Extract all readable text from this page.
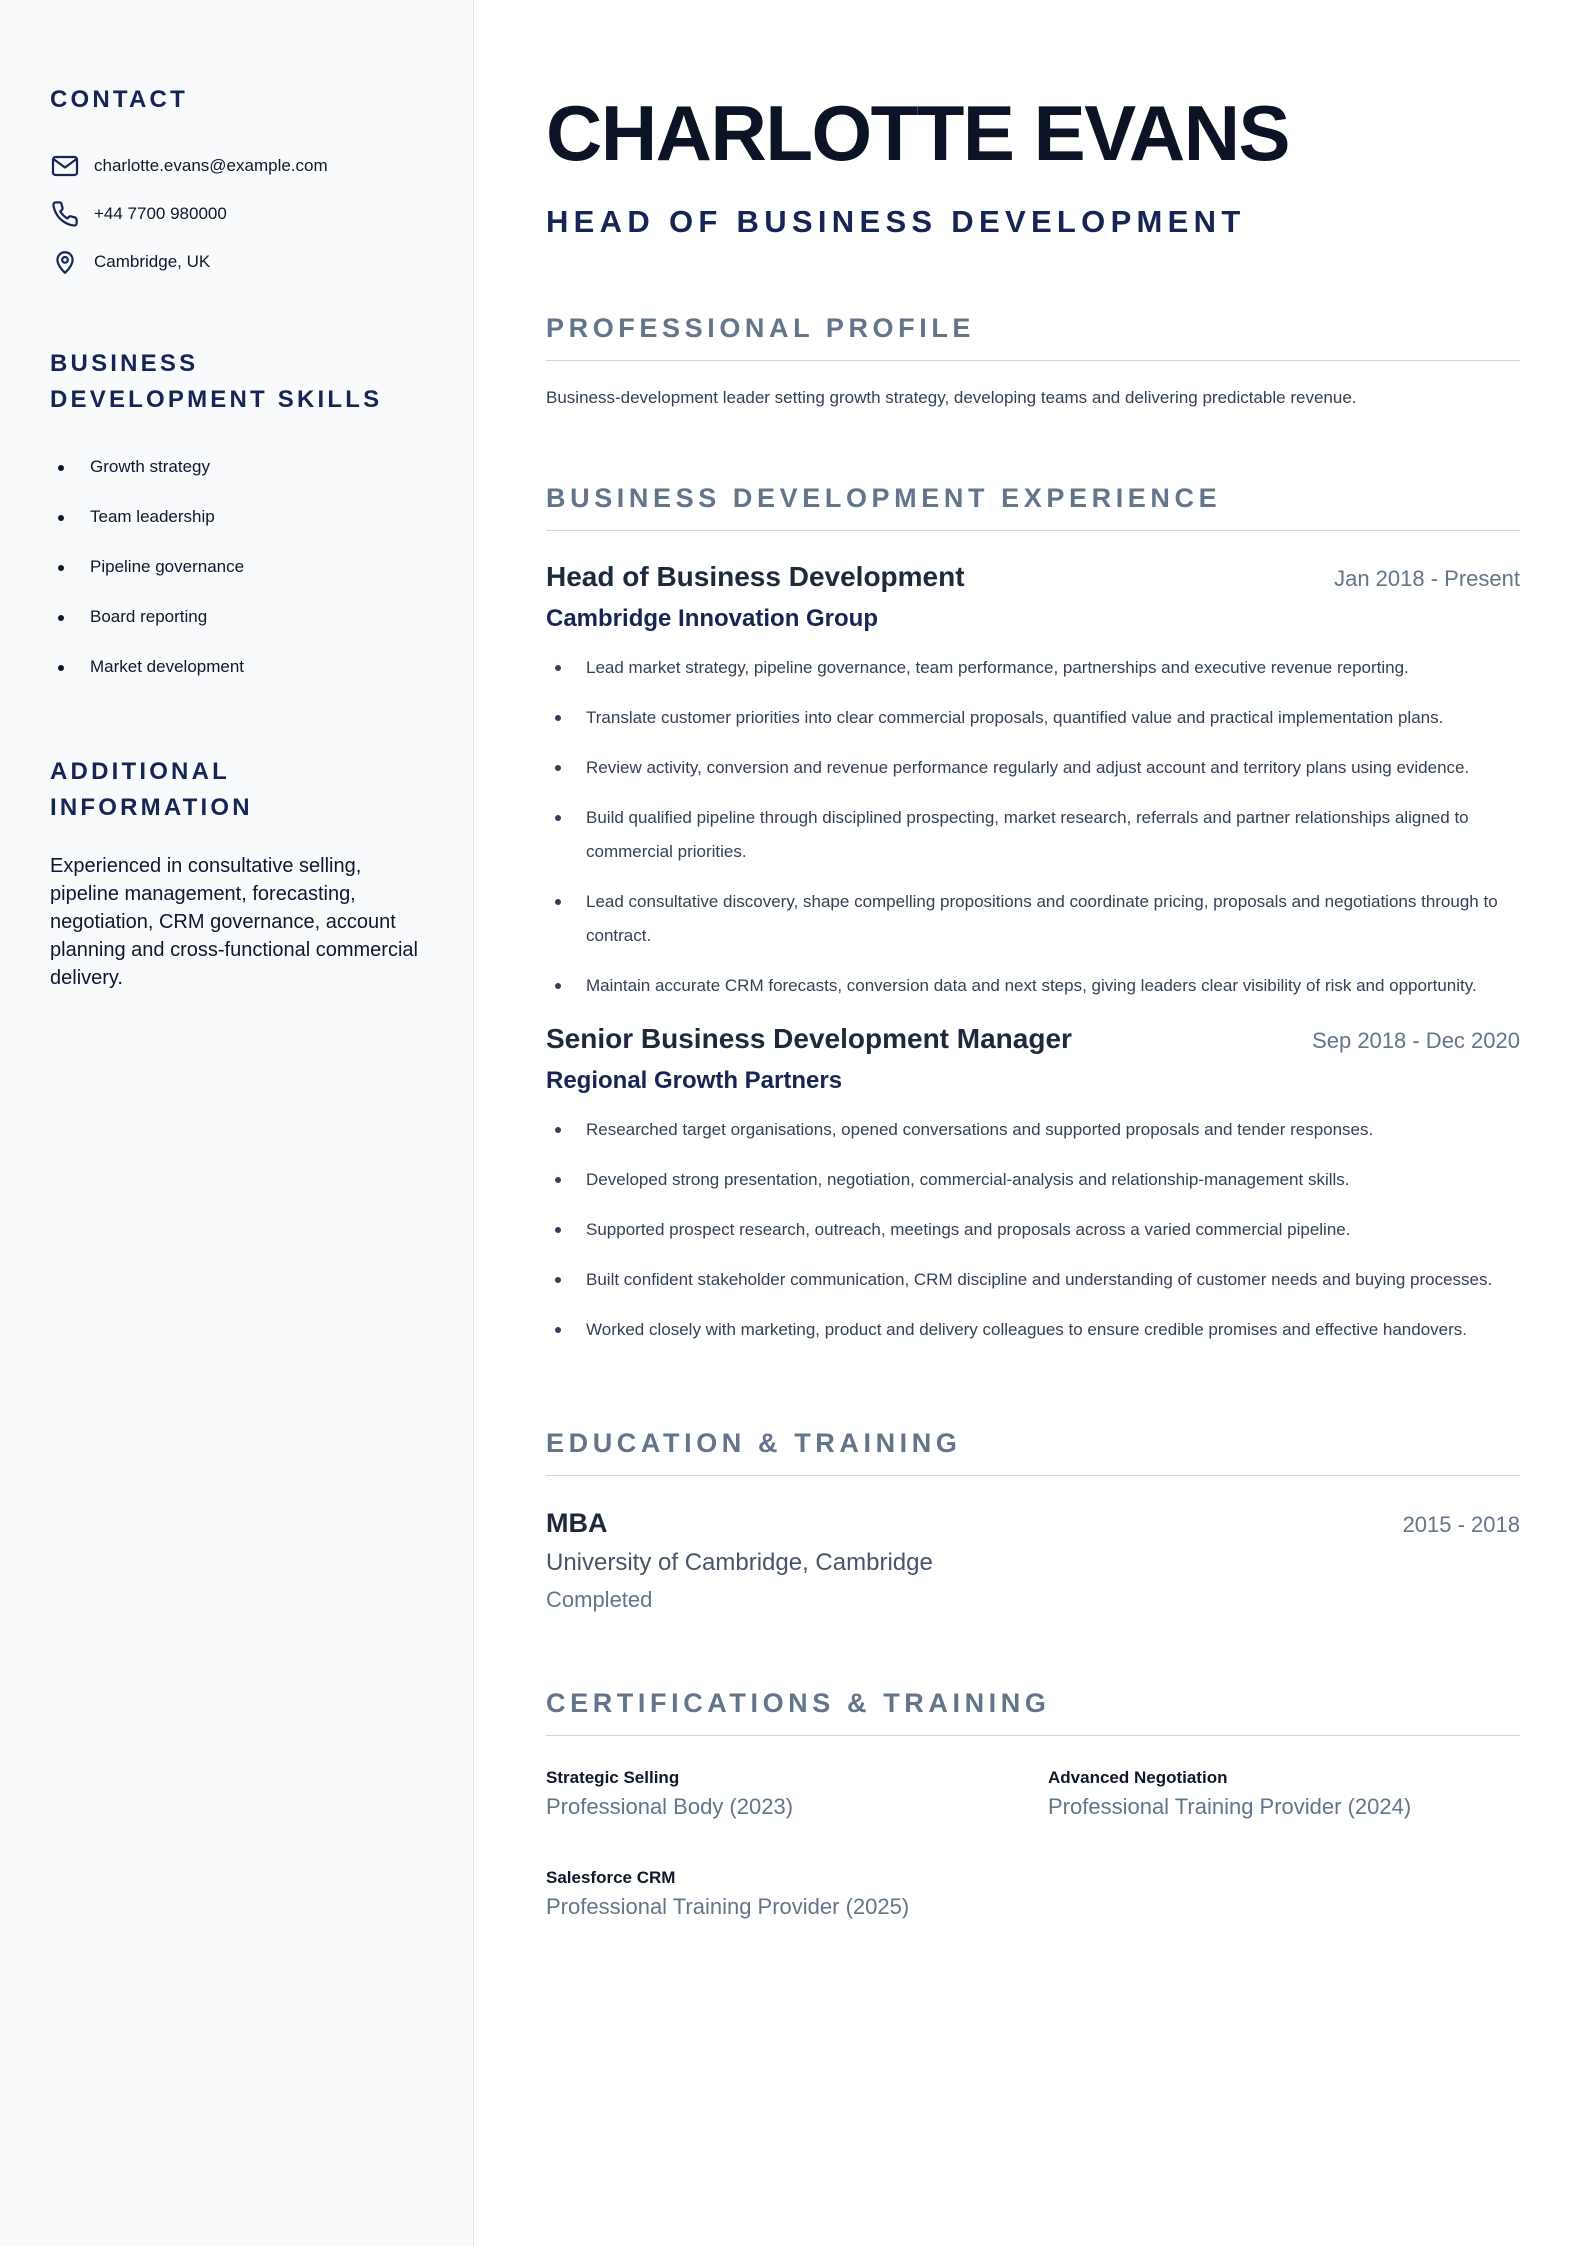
CONTACT
charlotte.evans@example.com
+44 7700 980000
Cambridge, UK
BUSINESS DEVELOPMENT SKILLS
Growth strategy
Team leadership
Pipeline governance
Board reporting
Market development
ADDITIONAL INFORMATION

Experienced in consultative selling, pipeline management, forecasting, negotiation, CRM governance, account planning and cross-functional commercial delivery.

CHARLOTTE EVANS
HEAD OF BUSINESS DEVELOPMENT
PROFESSIONAL PROFILE

Business-development leader setting growth strategy, developing teams and delivering predictable revenue.

BUSINESS DEVELOPMENT EXPERIENCE
Head of Business Development	Jan 2018 - Present
Cambridge Innovation Group
Lead market strategy, pipeline governance, team performance, partnerships and executive revenue reporting.
Translate customer priorities into clear commercial proposals, quantified value and practical implementation plans.
Review activity, conversion and revenue performance regularly and adjust account and territory plans using evidence.
Build qualified pipeline through disciplined prospecting, market research, referrals and partner relationships aligned to commercial priorities.
Lead consultative discovery, shape compelling propositions and coordinate pricing, proposals and negotiations through to contract.
Maintain accurate CRM forecasts, conversion data and next steps, giving leaders clear visibility of risk and opportunity.
Senior Business Development Manager	Sep 2018 - Dec 2020
Regional Growth Partners
Researched target organisations, opened conversations and supported proposals and tender responses.
Developed strong presentation, negotiation, commercial-analysis and relationship-management skills.
Supported prospect research, outreach, meetings and proposals across a varied commercial pipeline.
Built confident stakeholder communication, CRM discipline and understanding of customer needs and buying processes.
Worked closely with marketing, product and delivery colleagues to ensure credible promises and effective handovers.
EDUCATION & TRAINING
MBA	2015 - 2018
University of Cambridge, Cambridge
Completed
CERTIFICATIONS & TRAINING
Strategic Selling
Professional Body (2023)
Advanced Negotiation
Professional Training Provider (2024)
Salesforce CRM
Professional Training Provider (2025)
